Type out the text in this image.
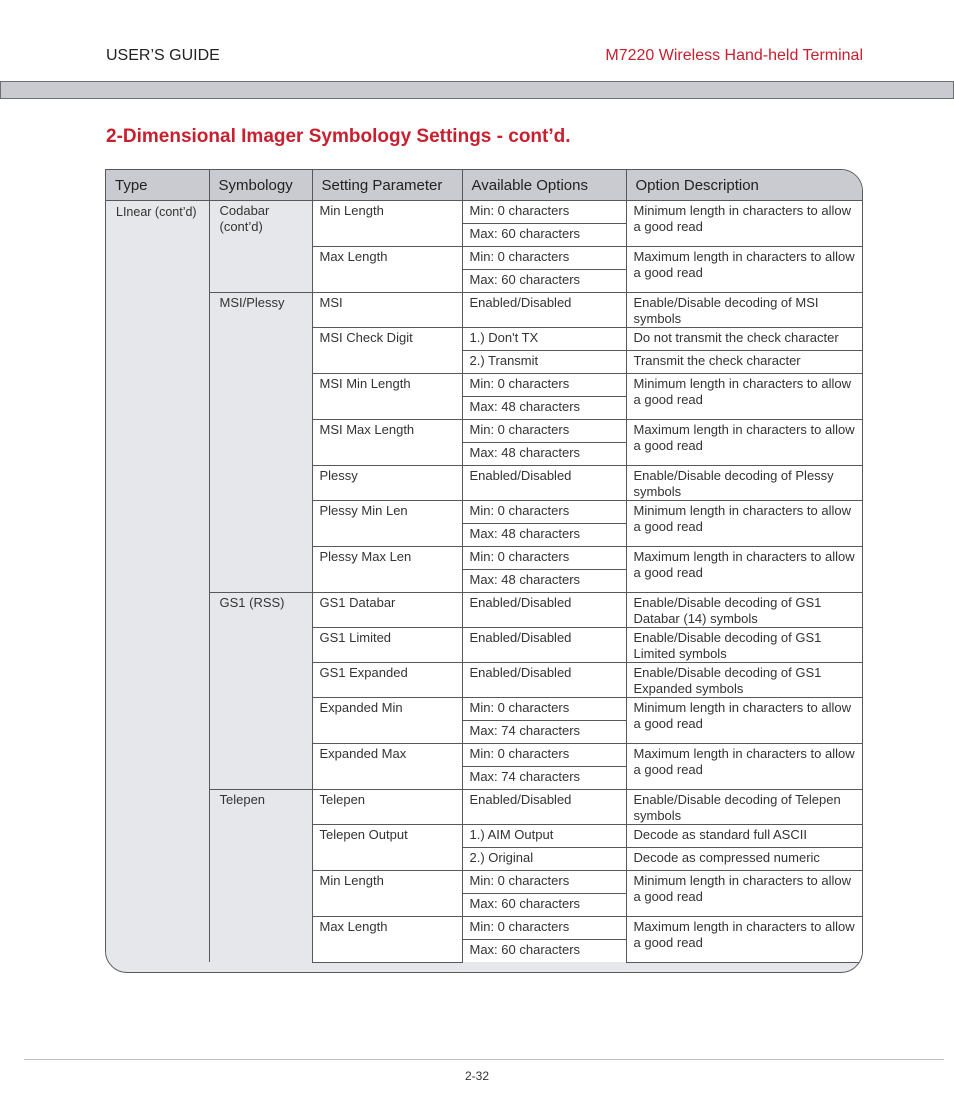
USER’S GUIDE	M7220 Wireless Hand-held Terminal
2-Dimensional Imager Symbology Settings - cont’d.
Type	Symbology	Setting Parameter	Available Options	Option Description
LInear (cont’d)	Codabar (cont’d)	Min Length	Min: 0 characters	Minimum length in characters to allow a good read
			Max: 60 characters	
		Max Length	Min: 0 characters	Maximum length in characters to allow a good read
			Max: 60 characters	
	MSI/Plessy	MSI	Enabled/Disabled	Enable/Disable decoding of MSI symbols
		MSI Check Digit	1.) Don't TX	Do not transmit the check character
			2.) Transmit	Transmit the check character
		MSI Min Length	Min: 0 characters	Minimum length in characters to allow a good read
			Max: 48 characters	
		MSI Max Length	Min: 0 characters	Maximum length in characters to allow a good read
			Max: 48 characters	
		Plessy	Enabled/Disabled	Enable/Disable decoding of Plessy symbols
		Plessy Min Len	Min: 0 characters	Minimum length in characters to allow a good read
			Max: 48 characters	
		Plessy Max Len	Min: 0 characters	Maximum length in characters to allow a good read
			Max: 48 characters	
	GS1 (RSS)	GS1 Databar	Enabled/Disabled	Enable/Disable decoding of GS1 Databar (14) symbols
		GS1 Limited	Enabled/Disabled	Enable/Disable decoding of GS1 Limited symbols
		GS1 Expanded	Enabled/Disabled	Enable/Disable decoding of GS1 Expanded symbols
		Expanded Min	Min: 0 characters	Minimum length in characters to allow a good read
			Max: 74 characters	
		Expanded Max	Min: 0 characters	Maximum length in characters to allow a good read
			Max: 74 characters	
	Telepen	Telepen	Enabled/Disabled	Enable/Disable decoding of Telepen symbols
		Telepen Output	1.) AIM Output	Decode as standard full ASCII
			2.) Original	Decode as compressed numeric
		Min Length	Min: 0 characters	Minimum length in characters to allow a good read
			Max: 60 characters	
		Max Length	Min: 0 characters	Maximum length in characters to allow a good read
			Max: 60 characters	
2-32
